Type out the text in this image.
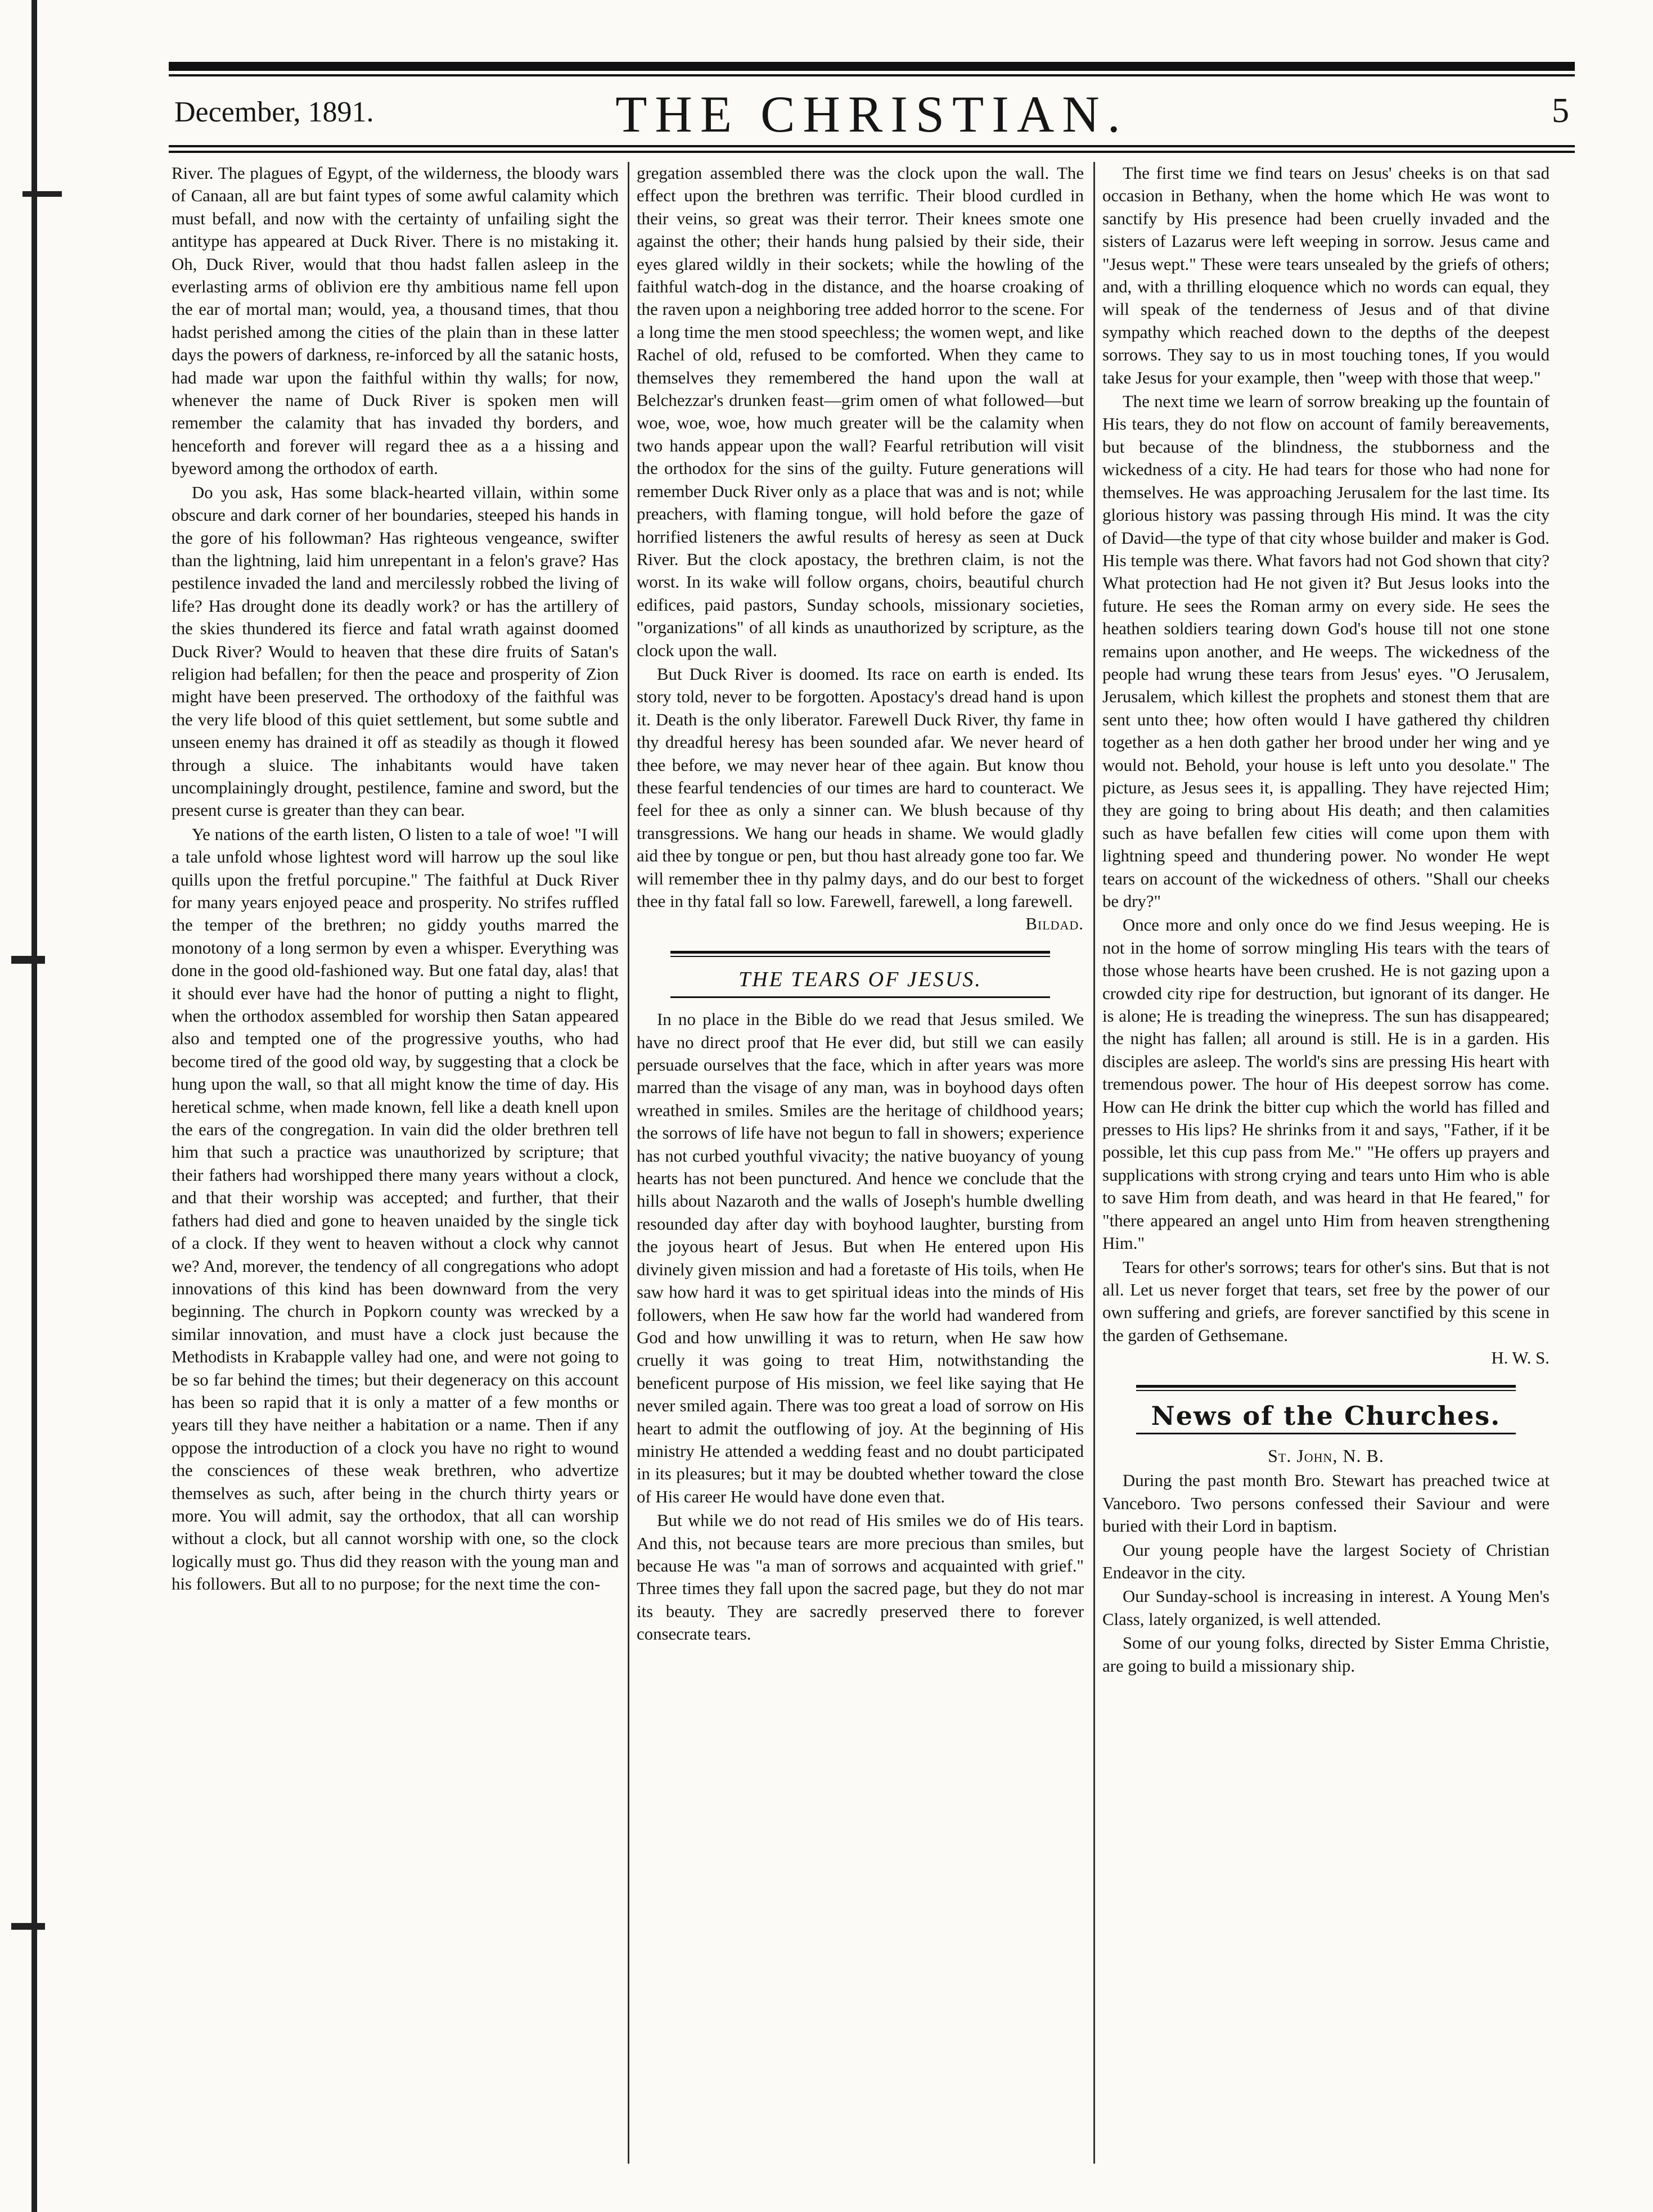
December, 1891.	THE CHRISTIAN.	5

River. The plagues of Egypt, of the wilderness, the bloody wars of Canaan, all are but faint types of some awful calamity which must befall, and now with the certainty of unfailing sight the antitype has appeared at Duck River. There is no mistaking it. Oh, Duck River, would that thou hadst fallen asleep in the everlasting arms of oblivion ere thy ambitious name fell upon the ear of mortal man; would, yea, a thousand times, that thou hadst perished among the cities of the plain than in these latter days the powers of darkness, re-inforced by all the satanic hosts, had made war upon the faithful within thy walls; for now, whenever the name of Duck River is spoken men will remember the calamity that has invaded thy borders, and henceforth and forever will regard thee as a a hissing and byeword among the orthodox of earth.

Do you ask, Has some black-hearted villain, within some obscure and dark corner of her boundaries, steeped his hands in the gore of his followman? Has righteous vengeance, swifter than the lightning, laid him unrepentant in a felon's grave? Has pestilence invaded the land and mercilessly robbed the living of life? Has drought done its deadly work? or has the artillery of the skies thundered its fierce and fatal wrath against doomed Duck River? Would to heaven that these dire fruits of Satan's religion had befallen; for then the peace and prosperity of Zion might have been preserved. The orthodoxy of the faithful was the very life blood of this quiet settlement, but some subtle and unseen enemy has drained it off as steadily as though it flowed through a sluice. The inhabitants would have taken uncomplainingly drought, pestilence, famine and sword, but the present curse is greater than they can bear.

Ye nations of the earth listen, O listen to a tale of woe! "I will a tale unfold whose lightest word will harrow up the soul like quills upon the fretful porcupine." The faithful at Duck River for many years enjoyed peace and prosperity. No strifes ruffled the temper of the brethren; no giddy youths marred the monotony of a long sermon by even a whisper. Everything was done in the good old-fashioned way. But one fatal day, alas! that it should ever have had the honor of putting a night to flight, when the orthodox assembled for worship then Satan appeared also and tempted one of the progressive youths, who had become tired of the good old way, by suggesting that a clock be hung upon the wall, so that all might know the time of day. His heretical schme, when made known, fell like a death knell upon the ears of the congregation. In vain did the older brethren tell him that such a practice was unauthorized by scripture; that their fathers had worshipped there many years without a clock, and that their worship was accepted; and further, that their fathers had died and gone to heaven unaided by the single tick of a clock. If they went to heaven without a clock why cannot we? And, morever, the tendency of all congregations who adopt innovations of this kind has been downward from the very beginning. The church in Popkorn county was wrecked by a similar innovation, and must have a clock just because the Methodists in Krabapple valley had one, and were not going to be so far behind the times; but their degeneracy on this account has been so rapid that it is only a matter of a few months or years till they have neither a habitation or a name. Then if any oppose the introduction of a clock you have no right to wound the consciences of these weak brethren, who advertize themselves as such, after being in the church thirty years or more. You will admit, say the orthodox, that all can worship without a clock, but all cannot worship with one, so the clock logically must go. Thus did they reason with the young man and his followers. But all to no purpose; for the next time the con-

gregation assembled there was the clock upon the wall. The effect upon the brethren was terrific. Their blood curdled in their veins, so great was their terror. Their knees smote one against the other; their hands hung palsied by their side, their eyes glared wildly in their sockets; while the howling of the faithful watch-dog in the distance, and the hoarse croaking of the raven upon a neighboring tree added horror to the scene. For a long time the men stood speechless; the women wept, and like Rachel of old, refused to be comforted. When they came to themselves they remembered the hand upon the wall at Belchezzar's drunken feast—grim omen of what followed—but woe, woe, woe, how much greater will be the calamity when two hands appear upon the wall? Fearful retribution will visit the orthodox for the sins of the guilty. Future generations will remember Duck River only as a place that was and is not; while preachers, with flaming tongue, will hold before the gaze of horrified listeners the awful results of heresy as seen at Duck River. But the clock apostacy, the brethren claim, is not the worst. In its wake will follow organs, choirs, beautiful church edifices, paid pastors, Sunday schools, missionary societies, "organizations" of all kinds as unauthorized by scripture, as the clock upon the wall.

But Duck River is doomed. Its race on earth is ended. Its story told, never to be forgotten. Apostacy's dread hand is upon it. Death is the only liberator. Farewell Duck River, thy fame in thy dreadful heresy has been sounded afar. We never heard of thee before, we may never hear of thee again. But know thou these fearful tendencies of our times are hard to counteract. We feel for thee as only a sinner can. We blush because of thy transgressions. We hang our heads in shame. We would gladly aid thee by tongue or pen, but thou hast already gone too far. We will remember thee in thy palmy days, and do our best to forget thee in thy fatal fall so low. Farewell, farewell, a long farewell.

Bildad.
THE TEARS OF JESUS.

In no place in the Bible do we read that Jesus smiled. We have no direct proof that He ever did, but still we can easily persuade ourselves that the face, which in after years was more marred than the visage of any man, was in boyhood days often wreathed in smiles. Smiles are the heritage of childhood years; the sorrows of life have not begun to fall in showers; experience has not curbed youthful vivacity; the native buoyancy of young hearts has not been punctured. And hence we conclude that the hills about Nazaroth and the walls of Joseph's humble dwelling resounded day after day with boyhood laughter, bursting from the joyous heart of Jesus. But when He entered upon His divinely given mission and had a foretaste of His toils, when He saw how hard it was to get spiritual ideas into the minds of His followers, when He saw how far the world had wandered from God and how unwilling it was to return, when He saw how cruelly it was going to treat Him, notwithstanding the beneficent purpose of His mission, we feel like saying that He never smiled again. There was too great a load of sorrow on His heart to admit the outflowing of joy. At the beginning of His ministry He attended a wedding feast and no doubt participated in its pleasures; but it may be doubted whether toward the close of His career He would have done even that.

But while we do not read of His smiles we do of His tears. And this, not because tears are more precious than smiles, but because He was "a man of sorrows and acquainted with grief." Three times they fall upon the sacred page, but they do not mar its beauty. They are sacredly preserved there to forever consecrate tears.

The first time we find tears on Jesus' cheeks is on that sad occasion in Bethany, when the home which He was wont to sanctify by His presence had been cruelly invaded and the sisters of Lazarus were left weeping in sorrow. Jesus came and "Jesus wept." These were tears unsealed by the griefs of others; and, with a thrilling eloquence which no words can equal, they will speak of the tenderness of Jesus and of that divine sympathy which reached down to the depths of the deepest sorrows. They say to us in most touching tones, If you would take Jesus for your example, then "weep with those that weep."

The next time we learn of sorrow breaking up the fountain of His tears, they do not flow on account of family bereavements, but because of the blindness, the stubborness and the wickedness of a city. He had tears for those who had none for themselves. He was approaching Jerusalem for the last time. Its glorious history was passing through His mind. It was the city of David—the type of that city whose builder and maker is God. His temple was there. What favors had not God shown that city? What protection had He not given it? But Jesus looks into the future. He sees the Roman army on every side. He sees the heathen soldiers tearing down God's house till not one stone remains upon another, and He weeps. The wickedness of the people had wrung these tears from Jesus' eyes. "O Jerusalem, Jerusalem, which killest the prophets and stonest them that are sent unto thee; how often would I have gathered thy children together as a hen doth gather her brood under her wing and ye would not. Behold, your house is left unto you desolate." The picture, as Jesus sees it, is appalling. They have rejected Him; they are going to bring about His death; and then calamities such as have befallen few cities will come upon them with lightning speed and thundering power. No wonder He wept tears on account of the wickedness of others. "Shall our cheeks be dry?"

Once more and only once do we find Jesus weeping. He is not in the home of sorrow mingling His tears with the tears of those whose hearts have been crushed. He is not gazing upon a crowded city ripe for destruction, but ignorant of its danger. He is alone; He is treading the winepress. The sun has disappeared; the night has fallen; all around is still. He is in a garden. His disciples are asleep. The world's sins are pressing His heart with tremendous power. The hour of His deepest sorrow has come. How can He drink the bitter cup which the world has filled and presses to His lips? He shrinks from it and says, "Father, if it be possible, let this cup pass from Me." "He offers up prayers and supplications with strong crying and tears unto Him who is able to save Him from death, and was heard in that He feared," for "there appeared an angel unto Him from heaven strengthening Him."

Tears for other's sorrows; tears for other's sins. But that is not all. Let us never forget that tears, set free by the power of our own suffering and griefs, are forever sanctified by this scene in the garden of Gethsemane.

H. W. S.
News of the Churches.
St. John, N. B.

During the past month Bro. Stewart has preached twice at Vanceboro. Two persons confessed their Saviour and were buried with their Lord in baptism.

Our young people have the largest Society of Christian Endeavor in the city.

Our Sunday-school is increasing in interest. A Young Men's Class, lately organized, is well attended.

Some of our young folks, directed by Sister Emma Christie, are going to build a missionary ship.
